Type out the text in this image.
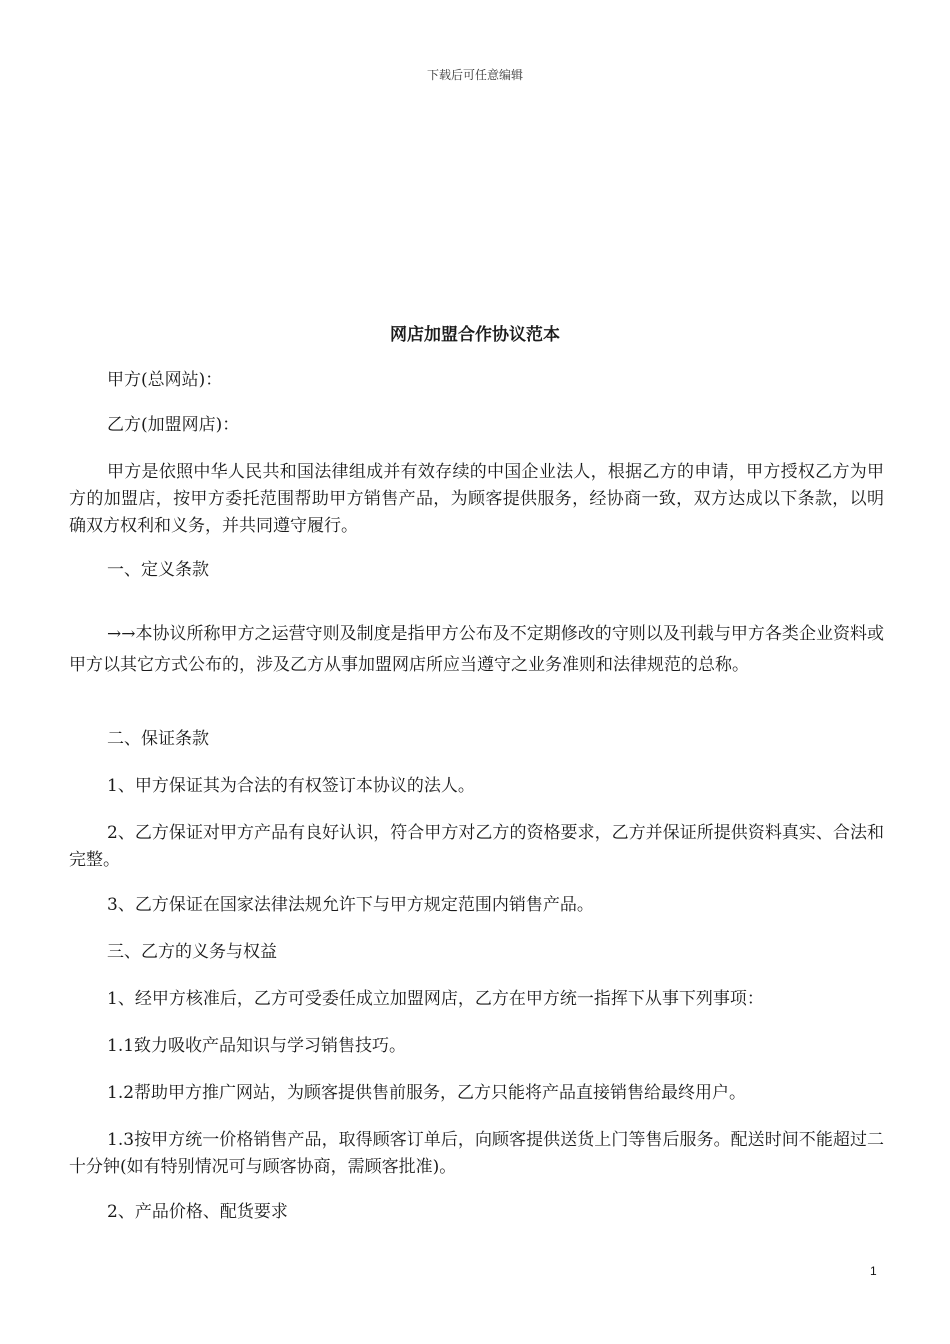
下载后可任意编辑
网店加盟合作协议范本

甲方(总网站)：

乙方(加盟网店)：

甲方是依照中华人民共和国法律组成并有效存续的中国企业法人，根据乙方的申请，甲方授权乙方为甲方的加盟店，按甲方委托范围帮助甲方销售产品，为顾客提供服务，经协商一致，双方达成以下条款，以明确双方权利和义务，并共同遵守履行。

一、定义条款

→→本协议所称甲方之运营守则及制度是指甲方公布及不定期修改的守则以及刊载与甲方各类企业资料或甲方以其它方式公布的，涉及乙方从事加盟网店所应当遵守之业务准则和法律规范的总称。

二、保证条款

1、甲方保证其为合法的有权签订本协议的法人。

2、乙方保证对甲方产品有良好认识，符合甲方对乙方的资格要求，乙方并保证所提供资料真实、合法和完整。

3、乙方保证在国家法律法规允许下与甲方规定范围内销售产品。

三、乙方的义务与权益

1、经甲方核准后，乙方可受委任成立加盟网店，乙方在甲方统一指挥下从事下列事项：

1.1致力吸收产品知识与学习销售技巧。

1.2帮助甲方推广网站，为顾客提供售前服务，乙方只能将产品直接销售给最终用户。

1.3按甲方统一价格销售产品，取得顾客订单后，向顾客提供送货上门等售后服务。配送时间不能超过二十分钟(如有特别情况可与顾客协商，需顾客批准)。

2、产品价格、配货要求

1
